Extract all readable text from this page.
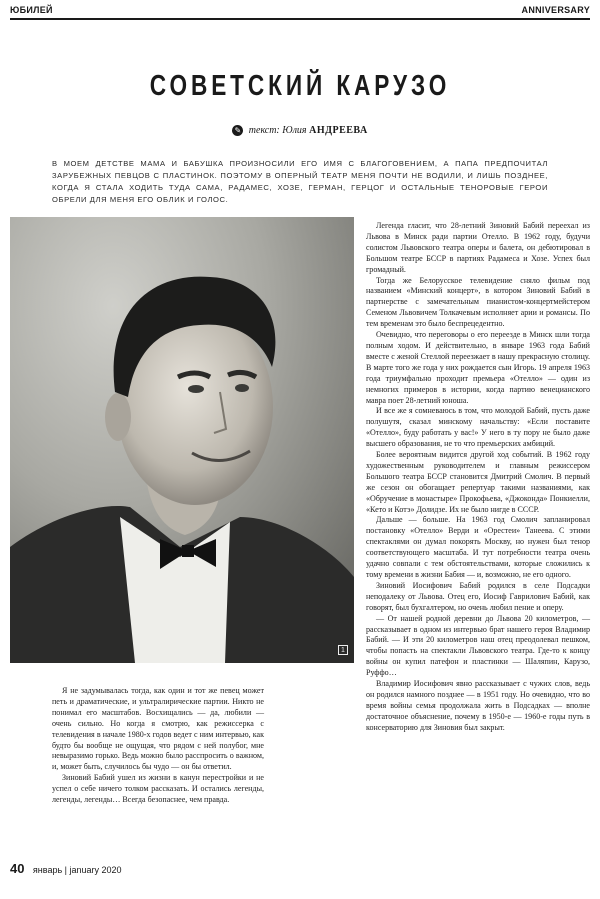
ЮБИЛЕЙ	ANNIVERSARY
СОВЕТСКИЙ КАРУЗО
✎ текст: Юлия АНДРЕЕВА

В МОЕМ ДЕТСТВЕ МАМА И БАБУШКА ПРОИЗНОСИЛИ ЕГО ИМЯ С БЛАГОГОВЕНИЕМ, А ПАПА ПРЕДПОЧИТАЛ ЗАРУБЕЖНЫХ ПЕВЦОВ С ПЛАСТИНОК. ПОЭТОМУ В ОПЕРНЫЙ ТЕАТР МЕНЯ ПОЧТИ НЕ ВОДИЛИ, И ЛИШЬ ПОЗДНЕЕ, КОГДА Я СТАЛА ХОДИТЬ ТУДА САМА, РАДАМЕС, ХОЗЕ, ГЕРМАН, ГЕРЦОГ И ОСТАЛЬНЫЕ ТЕНОРОВЫЕ ГЕРОИ ОБРЕЛИ ДЛЯ МЕНЯ ЕГО ОБЛИК И ГОЛОС.

1

Легенда гласит, что 28-летний Зиновий Бабий переехал из Львова в Минск ради партии Отелло. В 1962 году, будучи солистом Львовского театра оперы и балета, он дебютировал в Большом театре БССР в партиях Радамеса и Хозе. Успех был громадный.

Тогда же Белорусское телевидение сняло фильм под названием «Минский концерт», в котором Зиновий Бабий в партнерстве с замечательным пианистом-концертмейстером Семеном Львовичем Толкачевым исполняет арии и романсы. По тем временам это было беспрецедентно.

Очевидно, что переговоры о его переезде в Минск шли тогда полным ходом. И действительно, в январе 1963 года Бабий вместе с женой Стеллой переезжает в нашу прекрасную столицу. В марте того же года у них рождается сын Игорь. 19 апреля 1963 года триумфально проходит премьера «Отелло» — один из немногих примеров в истории, когда партию венецианского мавра поет 28-летний юноша.

И все же я сомневаюсь в том, что молодой Бабий, пусть даже полушутя, сказал минскому начальству: «Если поставите «Отелло», буду работать у вас!» У него в ту пору не было даже высшего образования, не то что премьерских амбиций.

Более вероятным видится другой ход событий. В 1962 году художественным руководителем и главным режиссером Большого театра БССР становится Дмитрий Смолич. В первый же сезон он обогащает репертуар такими названиями, как «Обручение в монастыре» Прокофьева, «Джоконда» Понкиелли, «Кето и Котэ» Долидзе. Их не было нигде в СССР.

Дальше — больше. На 1963 год Смолич запланировал постановку «Отелло» Верди и «Орестеи» Танеева. С этими спектаклями он думал покорять Москву, но нужен был тенор соответствующего масштаба. И тут потребности театра очень удачно совпали с тем обстоятельствами, которые сложились к тому времени в жизни Бабия — и, возможно, не его одного.

Зиновий Иосифович Бабий родился в селе Подсадки неподалеку от Львова. Отец его, Иосиф Гаврилович Бабий, как говорят, был бухгалтером, но очень любил пение и оперу.

— От нашей родной деревни до Львова 20 километров, — рассказывает в одном из интервью брат нашего героя Владимир Бабий. — И эти 20 километров наш отец преодолевал пешком, чтобы попасть на спектакли Львовского театра. Где-то к концу войны он купил патефон и пластинки — Шаляпин, Карузо, Руффо…

Владимир Иосифович явно рассказывает с чужих слов, ведь он родился намного позднее — в 1951 году. Но очевидно, что во время войны семья продолжала жить в Подсадках — вполне достаточное объяснение, почему в 1950-е — 1960-е годы путь в консерваторию для Зиновия был закрыт.

Я не задумывалась тогда, как один и тот же певец может петь и драматические, и ультралирические партии. Никто не понимал его масштабов. Восхищались — да, любили — очень сильно. Но когда я смотрю, как режиссерка с телевидения в начале 1980-х годов ведет с ним интервью, как будто бы вообще не ощущая, что рядом с ней полубог, мне невыразимо горько. Ведь можно было расспросить о важном, и, может быть, случилось бы чудо — он бы ответил.

Зиновий Бабий ушел из жизни в канун перестройки и не успел о себе ничего толком рассказать. И остались легенды, легенды, легенды… Всегда безопаснее, чем правда.

40 январь | january 2020
